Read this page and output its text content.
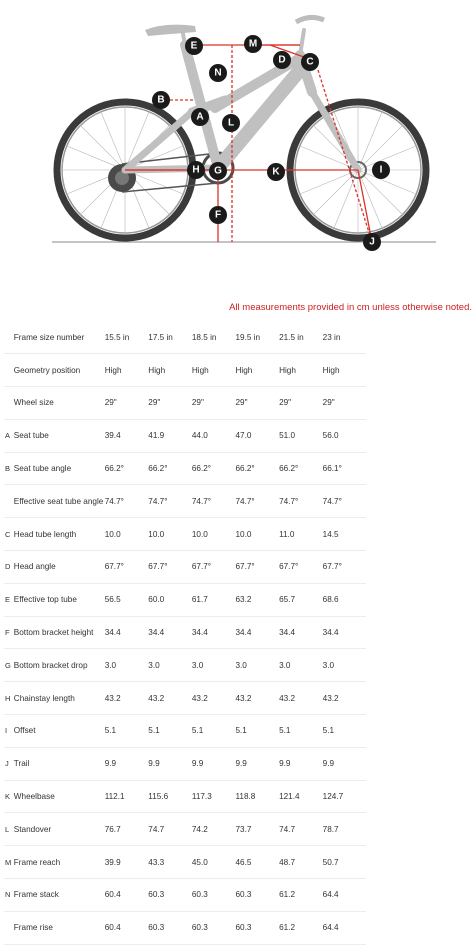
E	M
D C
N
B
A
L
H G	K	I
F
J
All measurements provided in cm unless otherwise noted.
	Frame size number	15.5 in	17.5 in	18.5 in	19.5 in	21.5 in	23 in
	Geometry position	High	High	High	High	High	High
	Wheel size	29"	29"	29"	29"	29"	29"
A	Seat tube	39.4	41.9	44.0	47.0	51.0	56.0
B	Seat tube angle	66.2°	66.2°	66.2°	66.2°	66.2°	66.1°
	Effective seat tube angle	74.7°	74.7°	74.7°	74.7°	74.7°	74.7°
C	Head tube length	10.0	10.0	10.0	10.0	11.0	14.5
D	Head angle	67.7°	67.7°	67.7°	67.7°	67.7°	67.7°
E	Effective top tube	56.5	60.0	61.7	63.2	65.7	68.6
F	Bottom bracket height	34.4	34.4	34.4	34.4	34.4	34.4
G	Bottom bracket drop	3.0	3.0	3.0	3.0	3.0	3.0
H	Chainstay length	43.2	43.2	43.2	43.2	43.2	43.2
I	Offset	5.1	5.1	5.1	5.1	5.1	5.1
J	Trail	9.9	9.9	9.9	9.9	9.9	9.9
K	Wheelbase	112.1	115.6	117.3	118.8	121.4	124.7
L	Standover	76.7	74.7	74.2	73.7	74.7	78.7
M	Frame reach	39.9	43.3	45.0	46.5	48.7	50.7
N	Frame stack	60.4	60.3	60.3	60.3	61.2	64.4
	Frame rise	60.4	60.3	60.3	60.3	61.2	64.4
